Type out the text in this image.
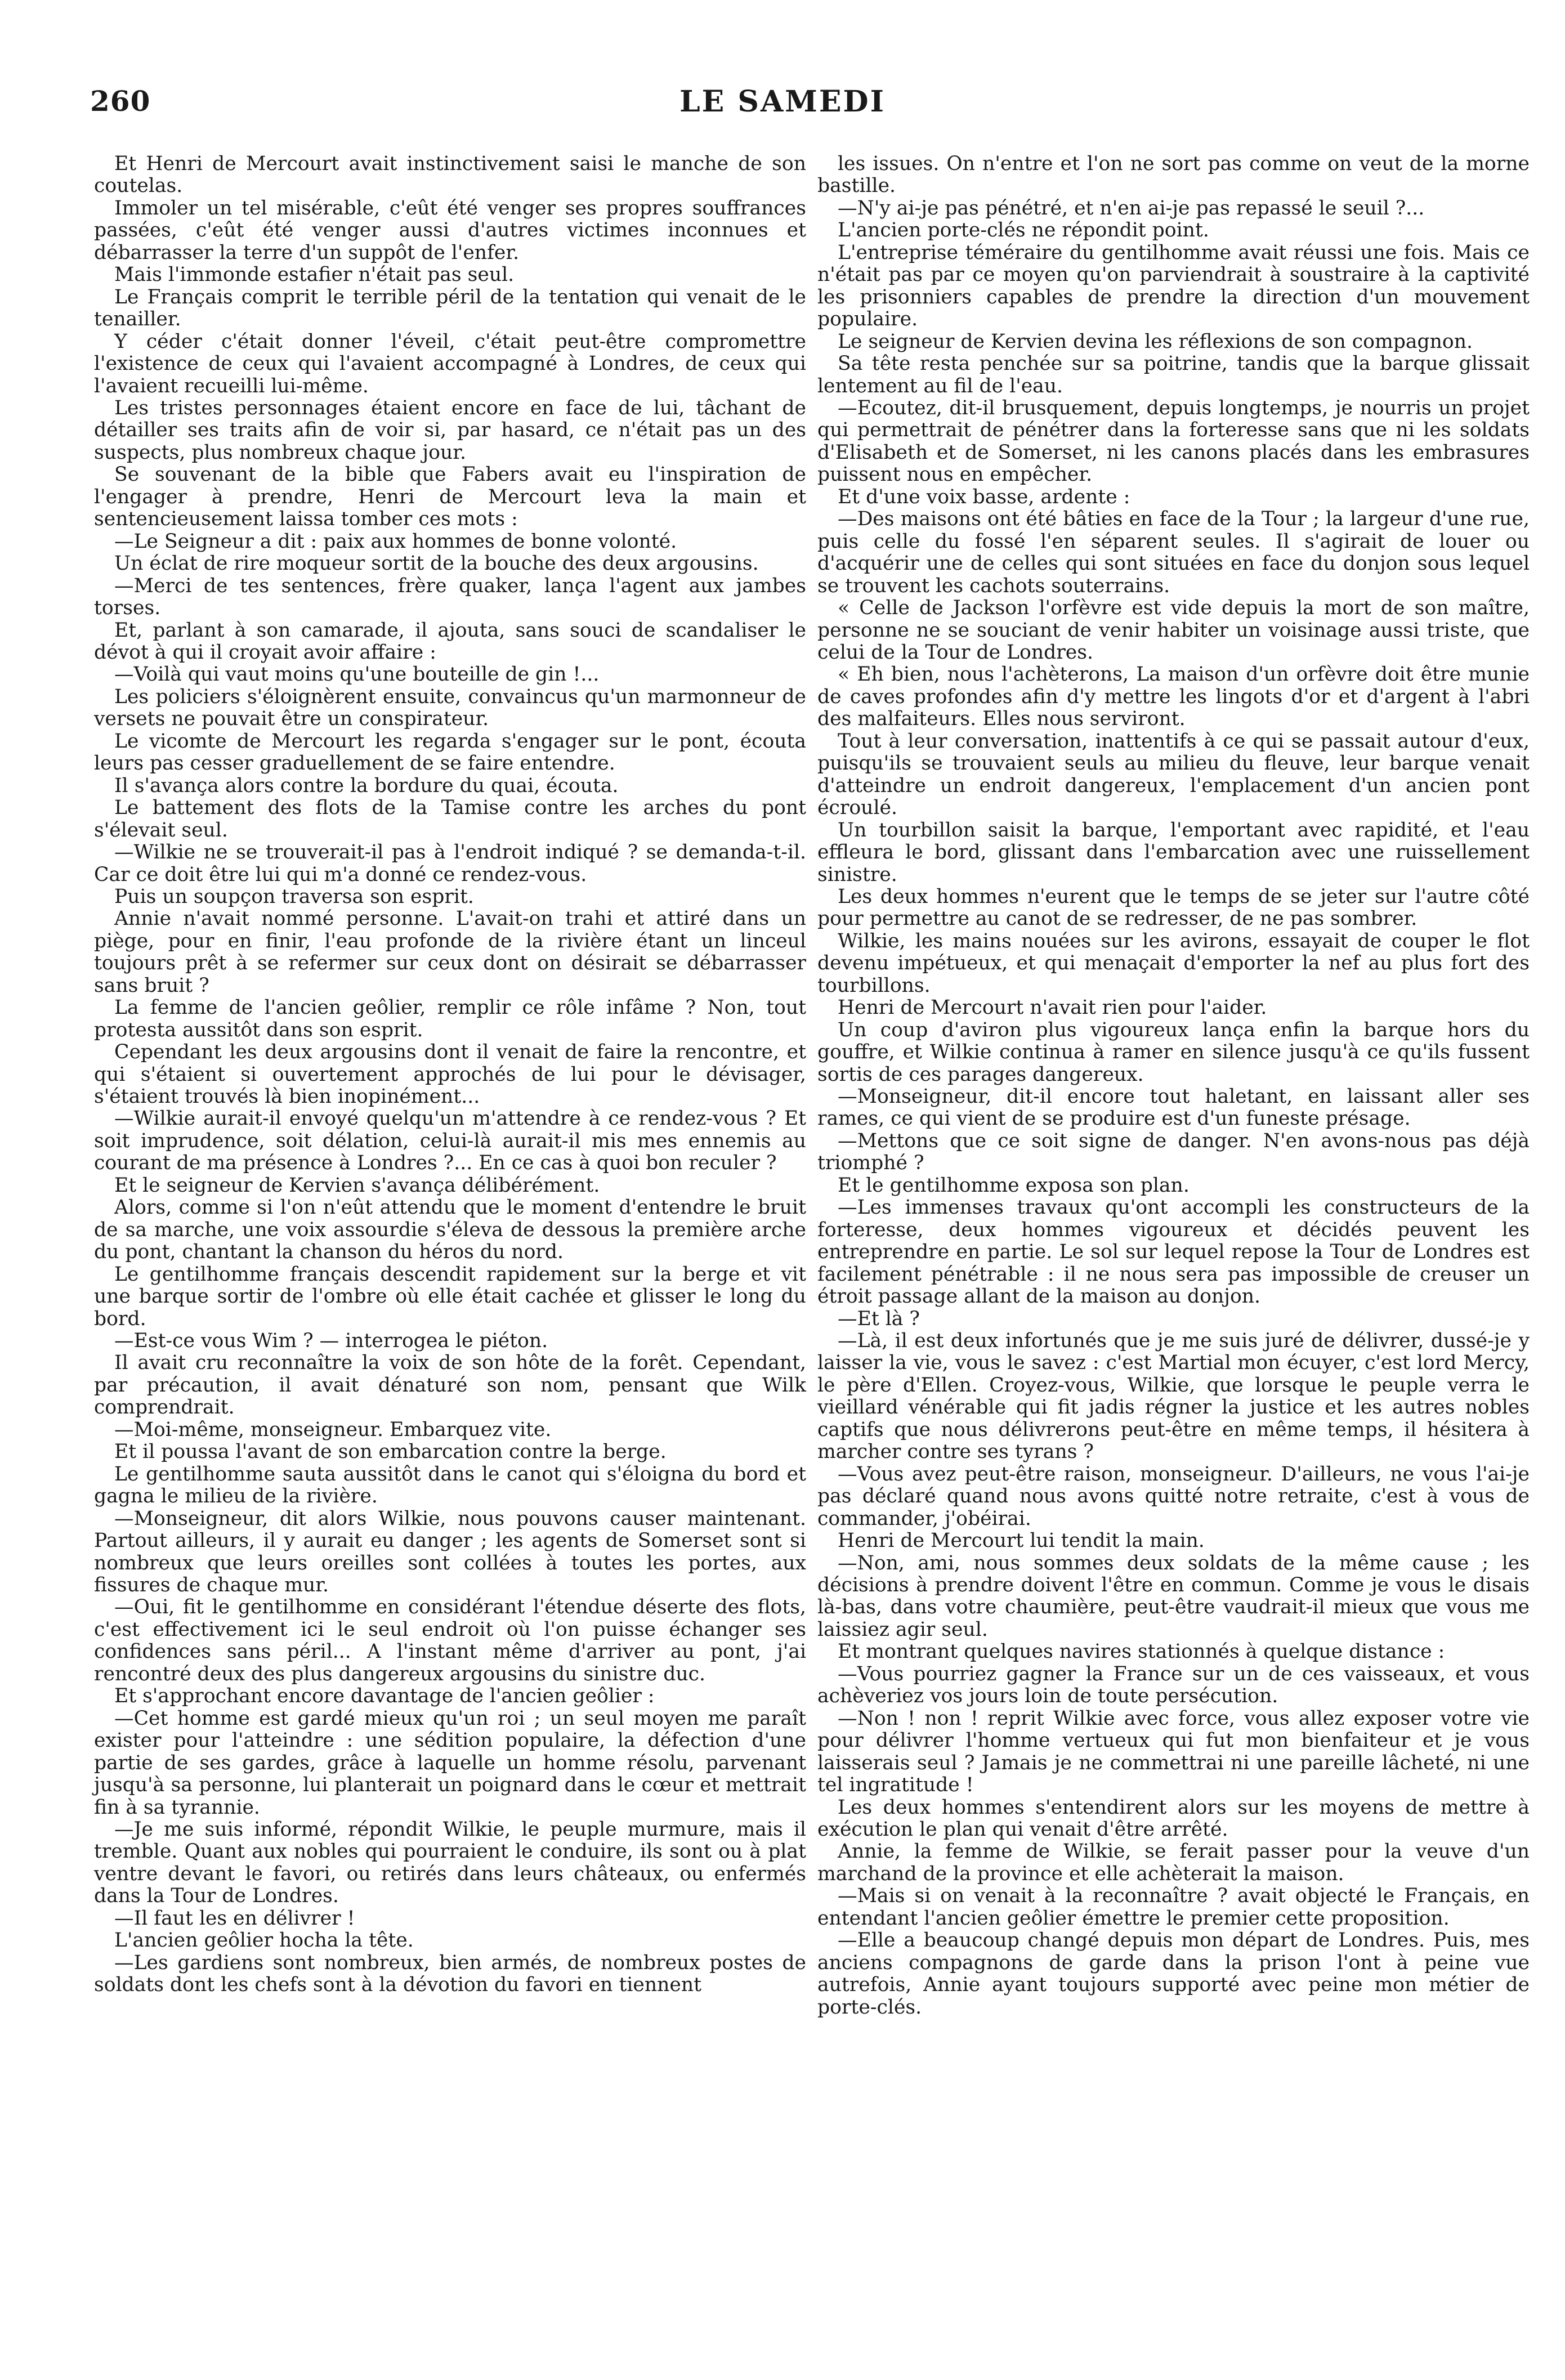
260	LE SAMEDI

Et Henri de Mercourt avait instinctivement saisi le manche de son coutelas.

Immoler un tel misérable, c'eût été venger ses propres souffrances passées, c'eût été venger aussi d'autres victimes inconnues et débarrasser la terre d'un suppôt de l'enfer.

Mais l'immonde estafier n'était pas seul.

Le Français comprit le terrible péril de la tentation qui venait de le tenailler.

Y céder c'était donner l'éveil, c'était peut-être compromettre l'existence de ceux qui l'avaient accompagné à Londres, de ceux qui l'avaient recueilli lui-même.

Les tristes personnages étaient encore en face de lui, tâchant de détailler ses traits afin de voir si, par hasard, ce n'était pas un des suspects, plus nombreux chaque jour.

Se souvenant de la bible que Fabers avait eu l'inspiration de l'engager à prendre, Henri de Mercourt leva la main et sentencieusement laissa tomber ces mots :

—Le Seigneur a dit : paix aux hommes de bonne volonté.

Un éclat de rire moqueur sortit de la bouche des deux argousins.

—Merci de tes sentences, frère quaker, lança l'agent aux jambes torses.

Et, parlant à son camarade, il ajouta, sans souci de scandaliser le dévot à qui il croyait avoir affaire :

—Voilà qui vaut moins qu'une bouteille de gin !...

Les policiers s'éloignèrent ensuite, convaincus qu'un marmonneur de versets ne pouvait être un conspirateur.

Le vicomte de Mercourt les regarda s'engager sur le pont, écouta leurs pas cesser graduellement de se faire entendre.

Il s'avança alors contre la bordure du quai, écouta.

Le battement des flots de la Tamise contre les arches du pont s'élevait seul.

—Wilkie ne se trouverait-il pas à l'endroit indiqué ? se demanda-t-il. Car ce doit être lui qui m'a donné ce rendez-vous.

Puis un soupçon traversa son esprit.

Annie n'avait nommé personne. L'avait-on trahi et attiré dans un piège, pour en finir, l'eau profonde de la rivière étant un linceul toujours prêt à se refermer sur ceux dont on désirait se débarrasser sans bruit ?

La femme de l'ancien geôlier, remplir ce rôle infâme ? Non, tout protesta aussitôt dans son esprit.

Cependant les deux argousins dont il venait de faire la rencontre, et qui s'étaient si ouvertement approchés de lui pour le dévisager, s'étaient trouvés là bien inopinément...

—Wilkie aurait-il envoyé quelqu'un m'attendre à ce rendez-vous ? Et soit imprudence, soit délation, celui-là aurait-il mis mes ennemis au courant de ma présence à Londres ?... En ce cas à quoi bon reculer ?

Et le seigneur de Kervien s'avança délibérément.

Alors, comme si l'on n'eût attendu que le moment d'entendre le bruit de sa marche, une voix assourdie s'éleva de dessous la première arche du pont, chantant la chanson du héros du nord.

Le gentilhomme français descendit rapidement sur la berge et vit une barque sortir de l'ombre où elle était cachée et glisser le long du bord.

—Est-ce vous Wim ? — interrogea le piéton.

Il avait cru reconnaître la voix de son hôte de la forêt. Cependant, par précaution, il avait dénaturé son nom, pensant que Wilk comprendrait.

—Moi-même, monseigneur. Embarquez vite.

Et il poussa l'avant de son embarcation contre la berge.

Le gentilhomme sauta aussitôt dans le canot qui s'éloigna du bord et gagna le milieu de la rivière.

—Monseigneur, dit alors Wilkie, nous pouvons causer maintenant. Partout ailleurs, il y aurait eu danger ; les agents de Somerset sont si nombreux que leurs oreilles sont collées à toutes les portes, aux fissures de chaque mur.

—Oui, fit le gentilhomme en considérant l'étendue déserte des flots, c'est effectivement ici le seul endroit où l'on puisse échanger ses confidences sans péril... A l'instant même d'arriver au pont, j'ai rencontré deux des plus dangereux argousins du sinistre duc.

Et s'approchant encore davantage de l'ancien geôlier :

—Cet homme est gardé mieux qu'un roi ; un seul moyen me paraît exister pour l'atteindre : une sédition populaire, la défection d'une partie de ses gardes, grâce à laquelle un homme résolu, parvenant jusqu'à sa personne, lui planterait un poignard dans le cœur et mettrait fin à sa tyrannie.

—Je me suis informé, répondit Wilkie, le peuple murmure, mais il tremble. Quant aux nobles qui pourraient le conduire, ils sont ou à plat ventre devant le favori, ou retirés dans leurs châteaux, ou enfermés dans la Tour de Londres.

—Il faut les en délivrer !

L'ancien geôlier hocha la tête.

—Les gardiens sont nombreux, bien armés, de nombreux postes de soldats dont les chefs sont à la dévotion du favori en tiennent

les issues. On n'entre et l'on ne sort pas comme on veut de la morne bastille.

—N'y ai-je pas pénétré, et n'en ai-je pas repassé le seuil ?...

L'ancien porte-clés ne répondit point.

L'entreprise téméraire du gentilhomme avait réussi une fois. Mais ce n'était pas par ce moyen qu'on parviendrait à soustraire à la captivité les prisonniers capables de prendre la direction d'un mouvement populaire.

Le seigneur de Kervien devina les réflexions de son compagnon.

Sa tête resta penchée sur sa poitrine, tandis que la barque glissait lentement au fil de l'eau.

—Ecoutez, dit-il brusquement, depuis longtemps, je nourris un projet qui permettrait de pénétrer dans la forteresse sans que ni les soldats d'Elisabeth et de Somerset, ni les canons placés dans les embrasures puissent nous en empêcher.

Et d'une voix basse, ardente :

—Des maisons ont été bâties en face de la Tour ; la largeur d'une rue, puis celle du fossé l'en séparent seules. Il s'agirait de louer ou d'acquérir une de celles qui sont situées en face du donjon sous lequel se trouvent les cachots souterrains.

« Celle de Jackson l'orfèvre est vide depuis la mort de son maître, personne ne se souciant de venir habiter un voisinage aussi triste, que celui de la Tour de Londres.

« Eh bien, nous l'achèterons, La maison d'un orfèvre doit être munie de caves profondes afin d'y mettre les lingots d'or et d'argent à l'abri des malfaiteurs. Elles nous serviront.

Tout à leur conversation, inattentifs à ce qui se passait autour d'eux, puisqu'ils se trouvaient seuls au milieu du fleuve, leur barque venait d'atteindre un endroit dangereux, l'emplacement d'un ancien pont écroulé.

Un tourbillon saisit la barque, l'emportant avec rapidité, et l'eau effleura le bord, glissant dans l'embarcation avec une ruissellement sinistre.

Les deux hommes n'eurent que le temps de se jeter sur l'autre côté pour permettre au canot de se redresser, de ne pas sombrer.

Wilkie, les mains nouées sur les avirons, essayait de couper le flot devenu impétueux, et qui menaçait d'emporter la nef au plus fort des tourbillons.

Henri de Mercourt n'avait rien pour l'aider.

Un coup d'aviron plus vigoureux lança enfin la barque hors du gouffre, et Wilkie continua à ramer en silence jusqu'à ce qu'ils fussent sortis de ces parages dangereux.

—Monseigneur, dit-il encore tout haletant, en laissant aller ses rames, ce qui vient de se produire est d'un funeste présage.

—Mettons que ce soit signe de danger. N'en avons-nous pas déjà triomphé ?

Et le gentilhomme exposa son plan.

—Les immenses travaux qu'ont accompli les constructeurs de la forteresse, deux hommes vigoureux et décidés peuvent les entreprendre en partie. Le sol sur lequel repose la Tour de Londres est facilement pénétrable : il ne nous sera pas impossible de creuser un étroit passage allant de la maison au donjon.

—Et là ?

—Là, il est deux infortunés que je me suis juré de délivrer, dussé-je y laisser la vie, vous le savez : c'est Martial mon écuyer, c'est lord Mercy, le père d'Ellen. Croyez-vous, Wilkie, que lorsque le peuple verra le vieillard vénérable qui fit jadis régner la justice et les autres nobles captifs que nous délivrerons peut-être en même temps, il hésitera à marcher contre ses tyrans ?

—Vous avez peut-être raison, monseigneur. D'ailleurs, ne vous l'ai-je pas déclaré quand nous avons quitté notre retraite, c'est à vous de commander, j'obéirai.

Henri de Mercourt lui tendit la main.

—Non, ami, nous sommes deux soldats de la même cause ; les décisions à prendre doivent l'être en commun. Comme je vous le disais là-bas, dans votre chaumière, peut-être vaudrait-il mieux que vous me laissiez agir seul.

Et montrant quelques navires stationnés à quelque distance :

—Vous pourriez gagner la France sur un de ces vaisseaux, et vous achèveriez vos jours loin de toute persécution.

—Non ! non ! reprit Wilkie avec force, vous allez exposer votre vie pour délivrer l'homme vertueux qui fut mon bienfaiteur et je vous laisserais seul ? Jamais je ne commettrai ni une pareille lâcheté, ni une tel ingratitude !

Les deux hommes s'entendirent alors sur les moyens de mettre à exécution le plan qui venait d'être arrêté.

Annie, la femme de Wilkie, se ferait passer pour la veuve d'un marchand de la province et elle achèterait la maison.

—Mais si on venait à la reconnaître ? avait objecté le Français, en entendant l'ancien geôlier émettre le premier cette proposition.

—Elle a beaucoup changé depuis mon départ de Londres. Puis, mes anciens compagnons de garde dans la prison l'ont à peine vue autrefois, Annie ayant toujours supporté avec peine mon métier de porte-clés.
